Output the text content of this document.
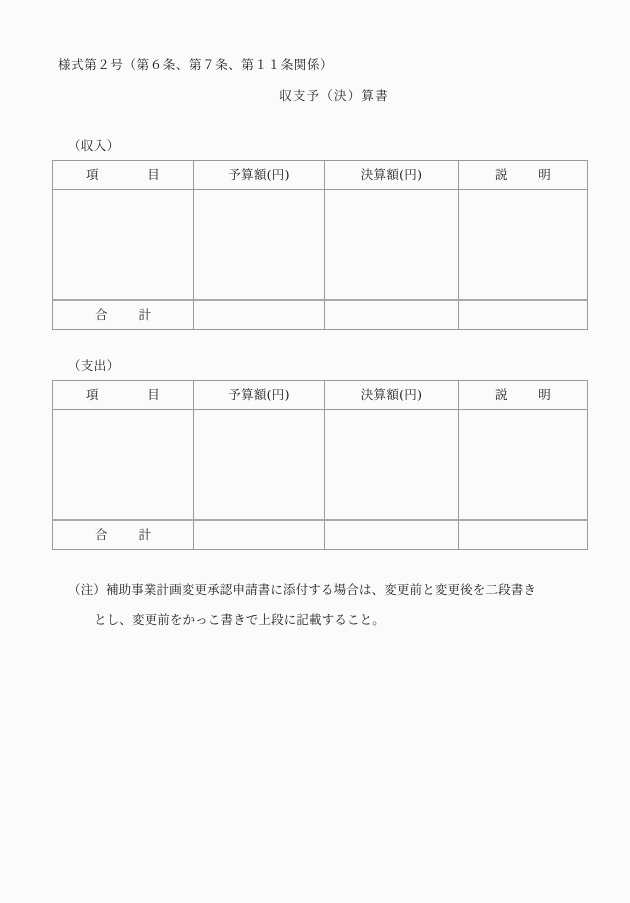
様式第２号（第６条、第７条、第１１条関係）
収支予（決）算書
（収入）
項目	予算額(円)	決算額(円)	説明

合計			
（支出）
項目	予算額(円)	決算額(円)	説明

合計			
（注）補助事業計画変更承認申請書に添付する場合は、変更前と変更後を二段書き
とし、変更前をかっこ書きで上段に記載すること。
